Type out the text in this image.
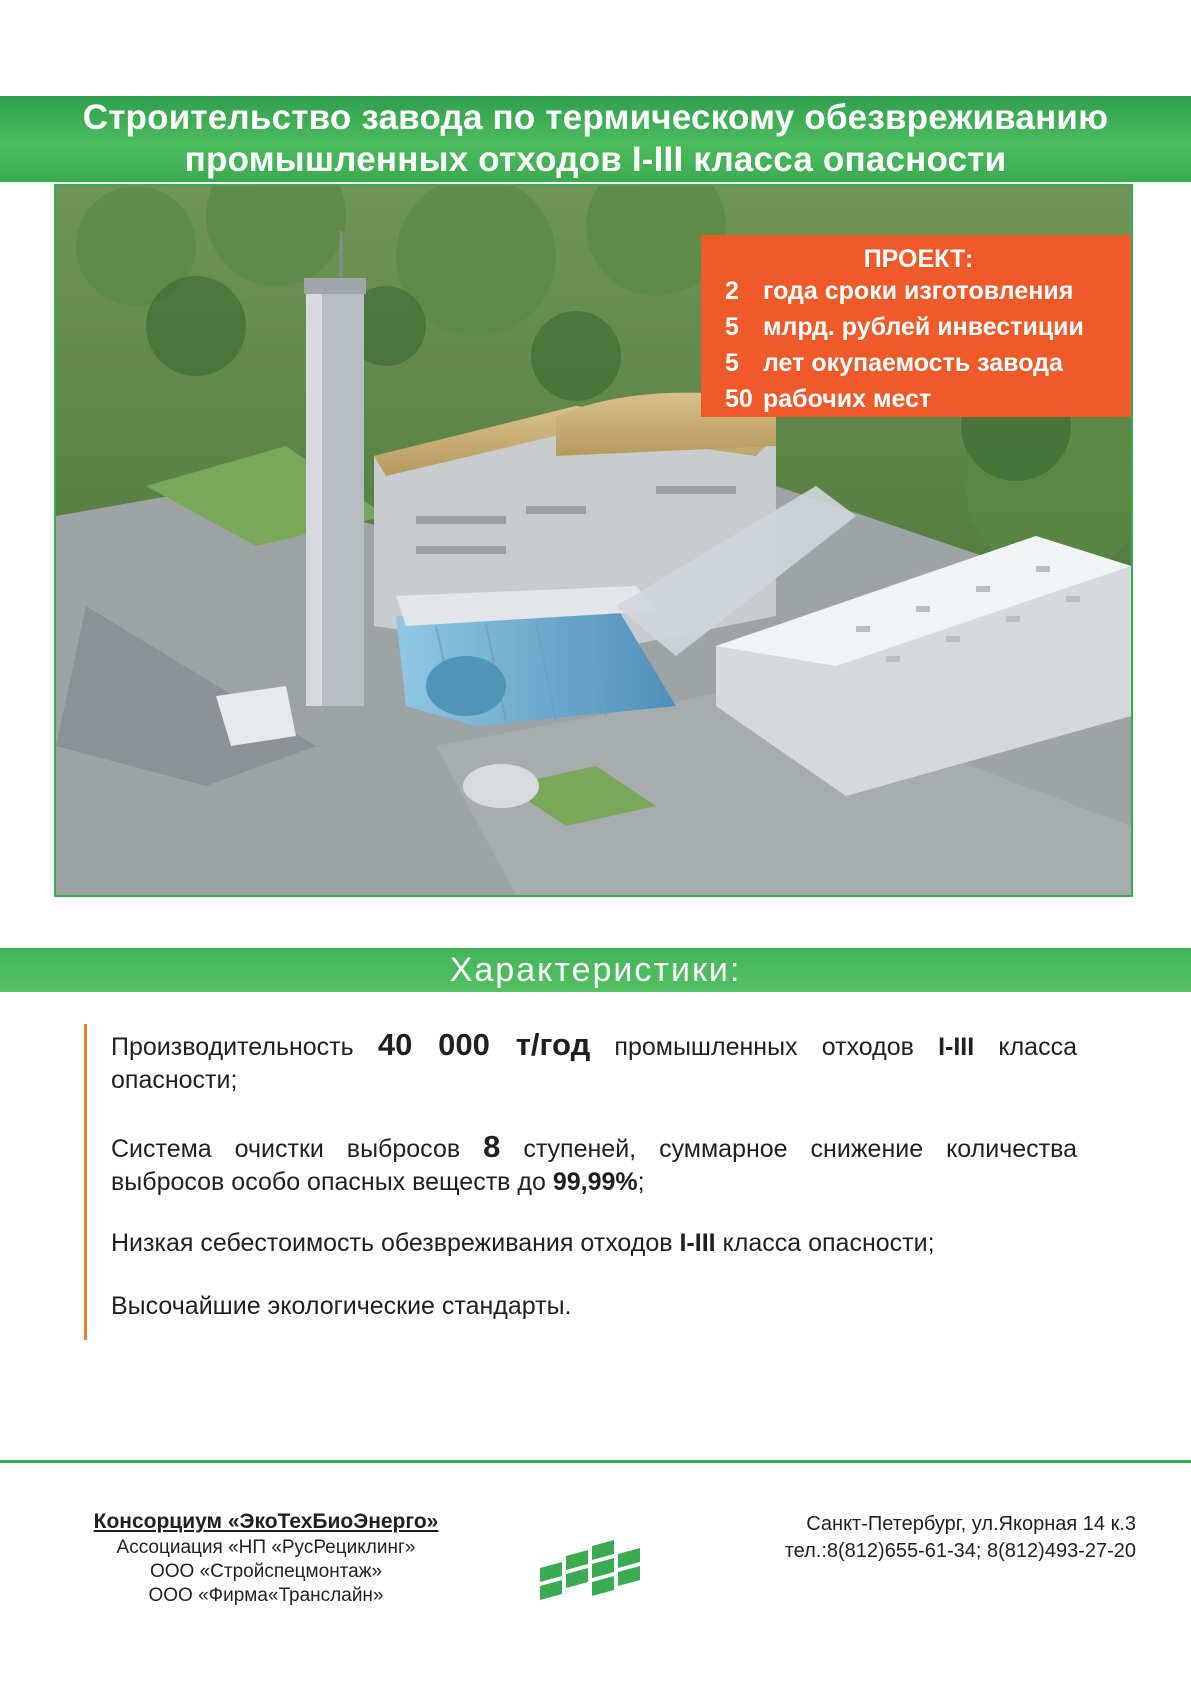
Строительство завода по термическому обезвреживанию
промышленных отходов I-III класса опасности
ПРОЕКТ:
2 года сроки изготовления
5 млрд. рублей инвестиции
5 лет окупаемость завода
50 рабочих мест
Характеристики:
Производительность 40 000 т/год промышленных отходов I-III класса опасности;
Система очистки выбросов 8 ступеней, суммарное снижение количества выбросов особо опасных веществ до 99,99%;
Низкая себестоимость обезвреживания отходов I-III класса опасности;
Высочайшие экологические стандарты.
Консорциум «ЭкоТехБиоЭнерго»
Ассоциация «НП «РусРециклинг»
ООО «Стройспецмонтаж»
ООО «Фирма«Транслайн»
Санкт-Петербург, ул.Якорная 14 к.3
тел.:8(812)655-61-34; 8(812)493-27-20
